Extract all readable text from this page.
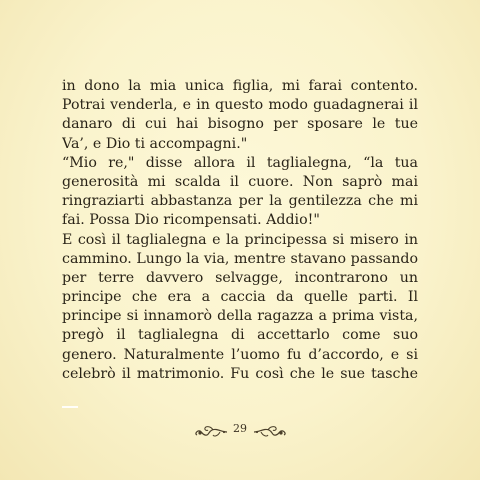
in dono la mia unica figlia, mi farai contento.
Potrai venderla, e in questo modo guadagnerai il
danaro di cui hai bisogno per sposare le tue
Va’, e Dio ti accompagni."
“Mio re," disse allora il taglialegna, “la tua
generosità mi scalda il cuore. Non saprò mai
ringraziarti abbastanza per la gentilezza che mi
fai. Possa Dio ricompensati. Addio!"
E così il taglialegna e la principessa si misero in
cammino. Lungo la via, mentre stavano passando
per terre davvero selvagge, incontrarono un
principe che era a caccia da quelle parti. Il
principe si innamorò della ragazza a prima vista,
pregò il taglialegna di accettarlo come suo
genero. Naturalmente l’uomo fu d’accordo, e si
celebrò il matrimonio. Fu così che le sue tasche
29
